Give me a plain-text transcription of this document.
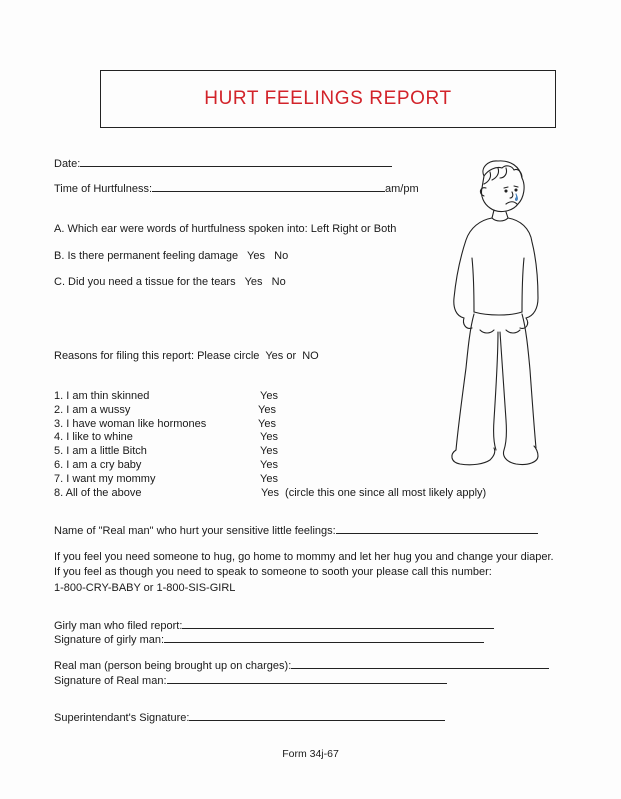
HURT FEELINGS REPORT
Date:
Time of Hurtfulness:	am/pm
A. Which ear were words of hurtfulness spoken into: Left Right or Both
B. Is there permanent feeling damage   Yes   No
C. Did you need a tissue for the tears   Yes   No
Reasons for filing this report: Please circle  Yes or  NO
1. I am thin skinned	Yes
2. I am a wussy	Yes
3. I have woman like hormones	Yes
4. I like to whine	Yes
5. I am a little Bitch	Yes
6. I am a cry baby	Yes
7. I want my mommy	Yes
8. All of the above	Yes  (circle this one since all most likely apply)
Name of "Real man" who hurt your sensitive little feelings:
If you feel you need someone to hug, go home to mommy and let her hug you and change your diaper.
If you feel as though you need to speak to someone to sooth your please call this number:
1-800-CRY-BABY or 1-800-SIS-GIRL
Girly man who filed report:
Signature of girly man:
Real man (person being brought up on charges):
Signature of Real man:
Superintendant's Signature:
Form 34j-67
